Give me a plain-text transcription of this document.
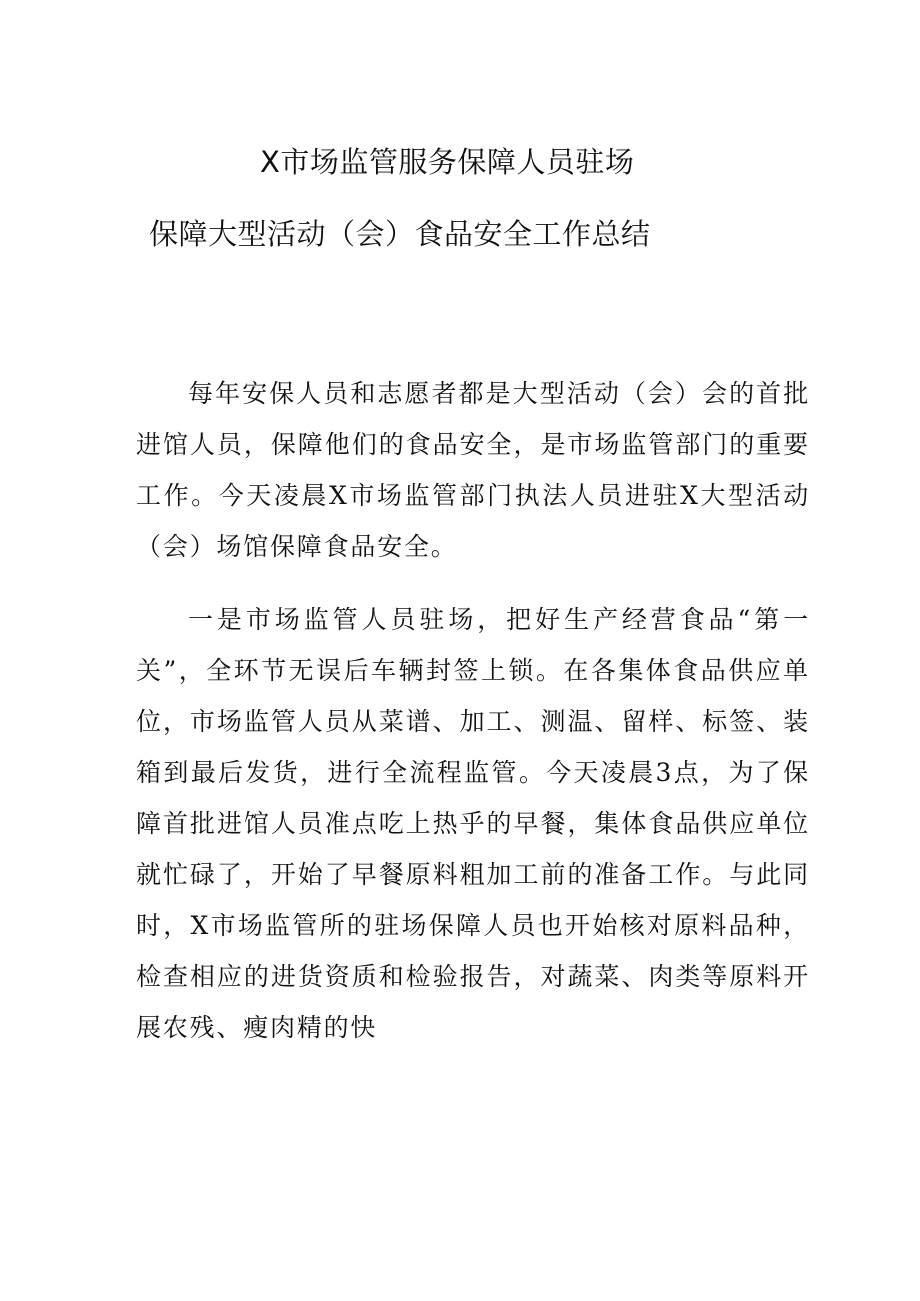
X市场监管服务保障人员驻场
保障大型活动（会）食品安全工作总结

每年安保人员和志愿者都是大型活动（会）会的首批进馆人员，保障他们的食品安全，是市场监管部门的重要工作。今天凌晨X市场监管部门执法人员进驻X大型活动（会）场馆保障食品安全。

一是市场监管人员驻场，把好生产经营食品“第一关”，全环节无误后车辆封签上锁。在各集体食品供应单位，市场监管人员从菜谱、加工、测温、留样、标签、装箱到最后发货，进行全流程监管。今天凌晨3点，为了保障首批进馆人员准点吃上热乎的早餐，集体食品供应单位就忙碌了，开始了早餐原料粗加工前的准备工作。与此同时，X市场监管所的驻场保障人员也开始核对原料品种，检查相应的进货资质和检验报告，对蔬菜、肉类等原料开展农残、瘦肉精的快
